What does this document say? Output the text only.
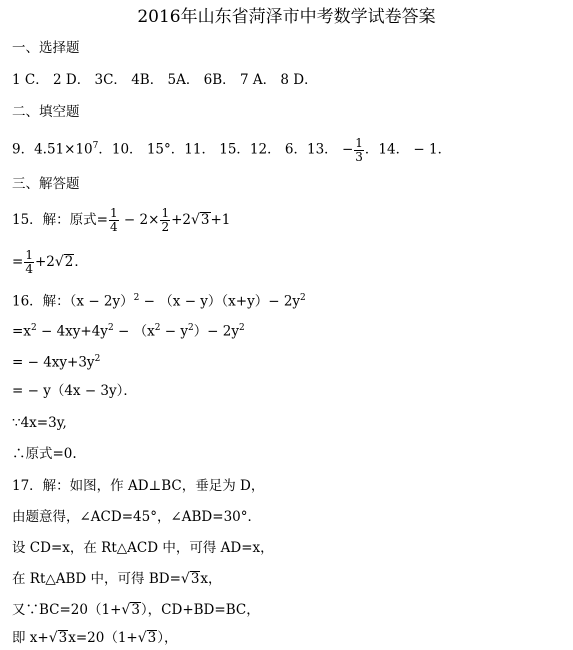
2016年山东省菏泽市中考数学试卷答案
一、选择题
1 C． 2 D． 3C． 4B． 5A． 6B． 7 A． 8 D．
二、填空题
9．$4.51\times 10^7$．10． 15°．11． 15．12． 6．13． − $\frac{1}{3}$ ．14． − 1．
三、解答题
15．解：原式= $\frac{1}{4} - 2\times \frac{1}{2} +2√3+1$
= $\frac{1}{4} +2√2$．
16．解：$(x - 2y)^2 - (x - y)(x+y)- 2y^2$
$=x^2 - 4xy+4y^2 - (x^2 - y^2)- 2y^2$
= − $4xy+3y^2$
= − y（4x − 3y）．
∵4x=3y,
∴原式=0.
17．解：如图，作 AD⊥BC，垂足为 D，
由题意得，∠ACD=45°，∠ABD=30°．
设 CD=x，在 Rt△ACD 中，可得 AD=x，
在 Rt△ABD 中，可得 BD=√3x，
又∵BC=20（1+√3），CD+BD=BC，
即 x+√3x=20（1+√3），
